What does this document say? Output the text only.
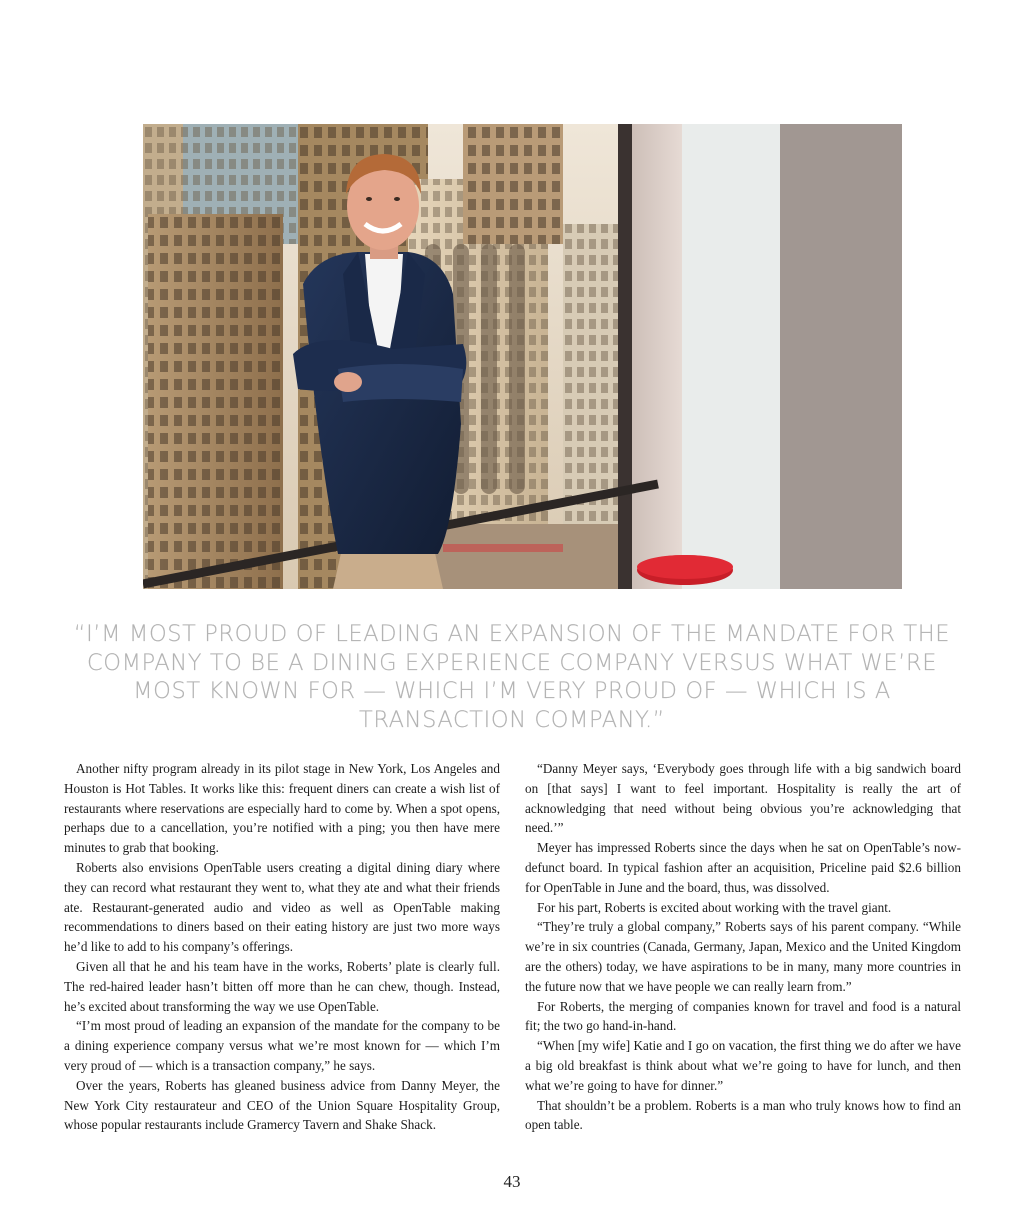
“I’M MOST PROUD OF LEADING AN EXPANSION OF THE MANDATE FOR THE COMPANY TO BE A DINING EXPERIENCE COMPANY VERSUS WHAT WE’RE MOST KNOWN FOR — WHICH I’M VERY PROUD OF — WHICH IS A TRANSACTION COMPANY.”

Another nifty program already in its pilot stage in New York, Los Angeles and Houston is Hot Tables. It works like this: frequent diners can create a wish list of restaurants where reservations are especially hard to come by. When a spot opens, perhaps due to a cancellation, you’re notified with a ping; you then have mere minutes to grab that booking.

Roberts also envisions OpenTable users creating a digital dining diary where they can record what restaurant they went to, what they ate and what their friends ate. Restaurant-generated audio and video as well as OpenTable making recommendations to diners based on their eating history are just two more ways he’d like to add to his company’s offerings.

Given all that he and his team have in the works, Roberts’ plate is clearly full. The red-haired leader hasn’t bitten off more than he can chew, though. Instead, he’s excited about transforming the way we use OpenTable.

“I’m most proud of leading an expansion of the mandate for the company to be a dining experience company versus what we’re most known for — which I’m very proud of — which is a transaction company,” he says.

Over the years, Roberts has gleaned business advice from Danny Meyer, the New York City restaurateur and CEO of the Union Square Hospitality Group, whose popular restaurants include Gramercy Tavern and Shake Shack.

“Danny Meyer says, ‘Everybody goes through life with a big sandwich board on [that says] I want to feel important. Hospitality is really the art of acknowledging that need without being obvious you’re acknowledging that need.’”

Meyer has impressed Roberts since the days when he sat on OpenTable’s now-defunct board. In typical fashion after an acquisition, Priceline paid $2.6 billion for OpenTable in June and the board, thus, was dissolved.

For his part, Roberts is excited about working with the travel giant.

“They’re truly a global company,” Roberts says of his parent company. “While we’re in six countries (Canada, Germany, Japan, Mexico and the United Kingdom are the others) today, we have aspirations to be in many, many more countries in the future now that we have people we can really learn from.”

For Roberts, the merging of companies known for travel and food is a natural fit; the two go hand-in-hand.

“When [my wife] Katie and I go on vacation, the first thing we do after we have a big old breakfast is think about what we’re going to have for lunch, and then what we’re going to have for dinner.”

That shouldn’t be a problem. Roberts is a man who truly knows how to find an open table.

43
